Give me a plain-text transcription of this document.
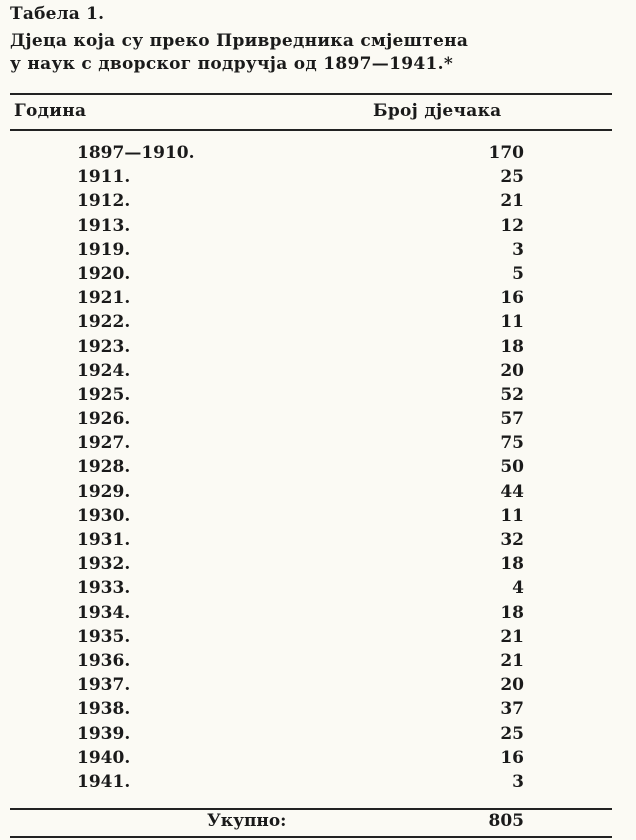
Табела 1.
Дјеца која су преко Привредника смјештена
у наук с дворског подручја од 1897—1941.*
Година	Број дјечака
1897—1910.	170
1911.	25
1912.	21
1913.	12
1919.	3
1920.	5
1921.	16
1922.	11
1923.	18
1924.	20
1925.	52
1926.	57
1927.	75
1928.	50
1929.	44
1930.	11
1931.	32
1932.	18
1933.	4
1934.	18
1935.	21
1936.	21
1937.	20
1938.	37
1939.	25
1940.	16
1941.	3
Укупно:	805
